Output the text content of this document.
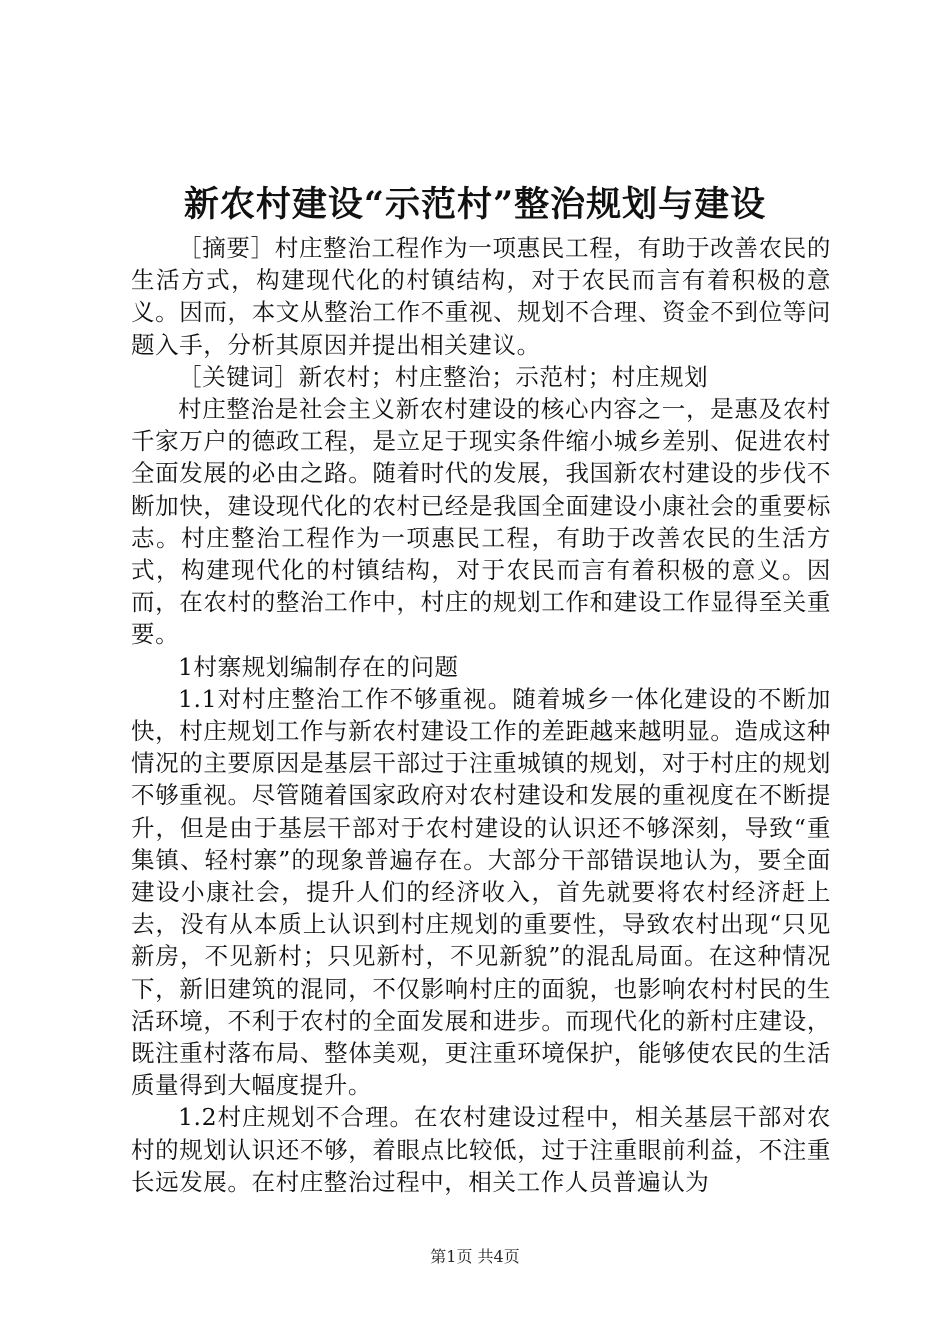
新农村建设“示范村”整治规划与建设

［摘要］村庄整治工程作为一项惠民工程，有助于改善农民的生活方式，构建现代化的村镇结构，对于农民而言有着积极的意义。因而，本文从整治工作不重视、规划不合理、资金不到位等问题入手，分析其原因并提出相关建议。

［关键词］新农村；村庄整治；示范村；村庄规划

村庄整治是社会主义新农村建设的核心内容之一，是惠及农村千家万户的德政工程，是立足于现实条件缩小城乡差别、促进农村全面发展的必由之路。随着时代的发展，我国新农村建设的步伐不断加快，建设现代化的农村已经是我国全面建设小康社会的重要标志。村庄整治工程作为一项惠民工程，有助于改善农民的生活方式，构建现代化的村镇结构，对于农民而言有着积极的意义。因而，在农村的整治工作中，村庄的规划工作和建设工作显得至关重要。

1村寨规划编制存在的问题

1.1对村庄整治工作不够重视。随着城乡一体化建设的不断加快，村庄规划工作与新农村建设工作的差距越来越明显。造成这种情况的主要原因是基层干部过于注重城镇的规划，对于村庄的规划不够重视。尽管随着国家政府对农村建设和发展的重视度在不断提升，但是由于基层干部对于农村建设的认识还不够深刻，导致“重集镇、轻村寨”的现象普遍存在。大部分干部错误地认为，要全面建设小康社会，提升人们的经济收入，首先就要将农村经济赶上去，没有从本质上认识到村庄规划的重要性，导致农村出现“只见新房，不见新村；只见新村，不见新貌”的混乱局面。在这种情况下，新旧建筑的混同，不仅影响村庄的面貌，也影响农村村民的生活环境，不利于农村的全面发展和进步。而现代化的新村庄建设，既注重村落布局、整体美观，更注重环境保护，能够使农民的生活质量得到大幅度提升。

1.2村庄规划不合理。在农村建设过程中，相关基层干部对农村的规划认识还不够，着眼点比较低，过于注重眼前利益，不注重长远发展。在村庄整治过程中，相关工作人员普遍认为

第1页 共4页
